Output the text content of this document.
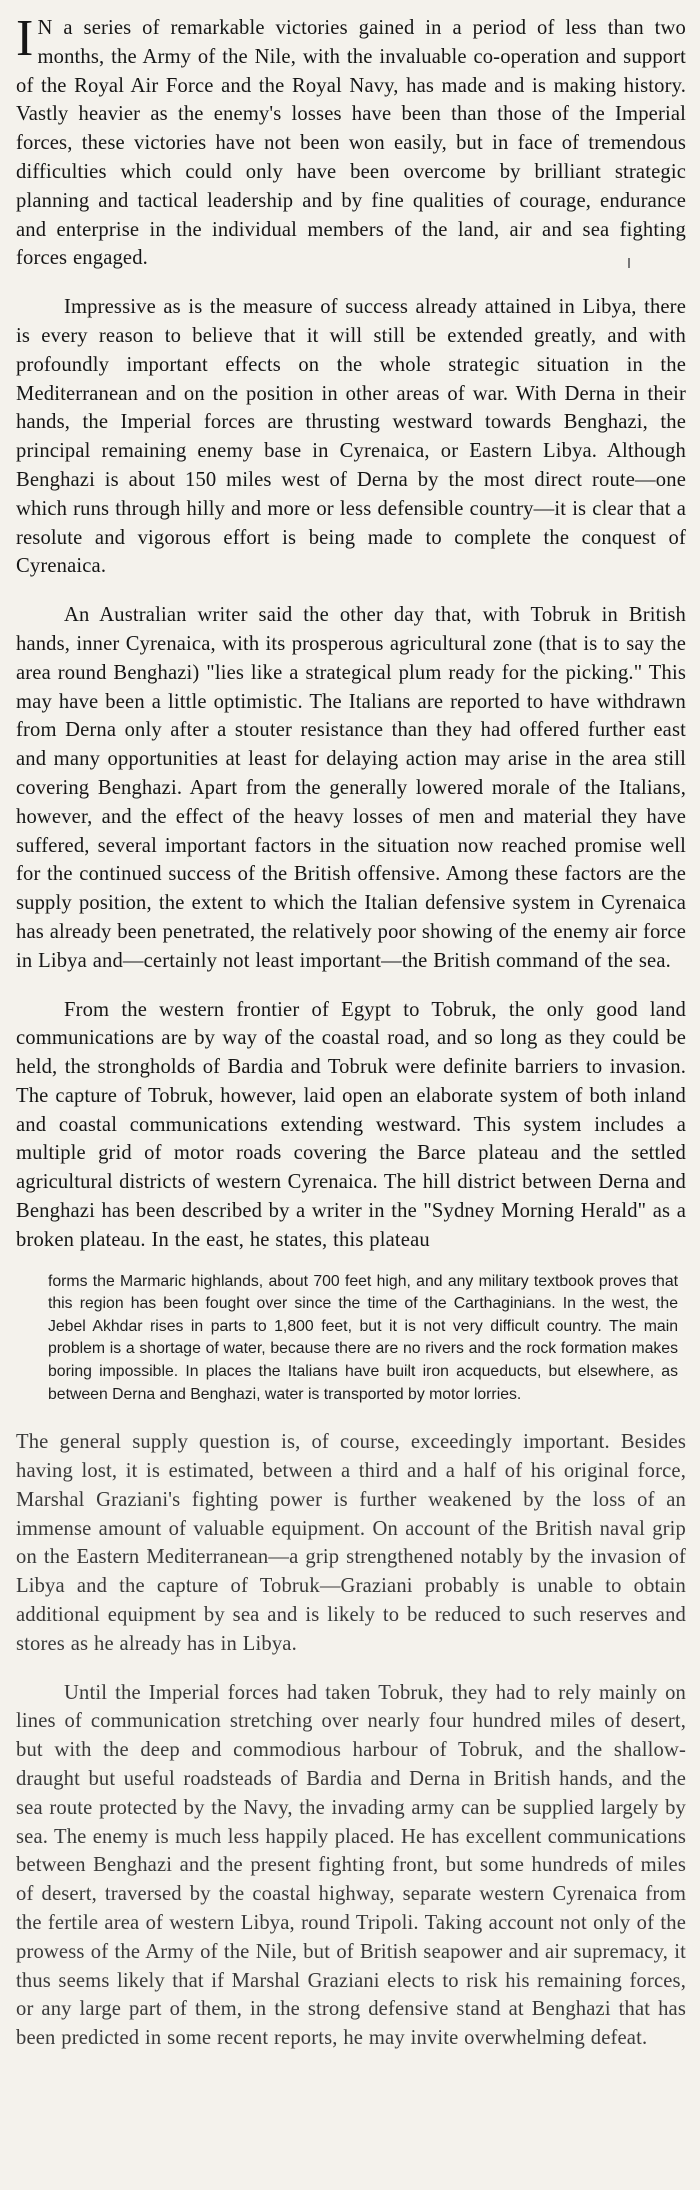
I N a series of remarkable victories gained in a period of less than two months, the Army of the Nile, with the invaluable co-operation and support of the Royal Air Force and the Royal Navy, has made and is making history. Vastly heavier as the enemy's losses have been than those of the Imperial forces, these victories have not been won easily, but in face of tremendous difficulties which could only have been overcome by brilliant strategic planning and tactical leadership and by fine qualities of courage, endurance and enterprise in the individual members of the land, air and sea fighting forces engaged.

Impressive as is the measure of success already attained in Libya, there is every reason to believe that it will still be extended greatly, and with profoundly important effects on the whole strategic situation in the Mediterranean and on the position in other areas of war. With Derna in their hands, the Imperial forces are thrusting westward towards Benghazi, the principal remaining enemy base in Cyrenaica, or Eastern Libya. Although Benghazi is about 150 miles west of Derna by the most direct route—one which runs through hilly and more or less defensible country—it is clear that a resolute and vigorous effort is being made to complete the conquest of Cyrenaica.

An Australian writer said the other day that, with Tobruk in British hands, inner Cyrenaica, with its prosperous agricultural zone (that is to say the area round Benghazi) "lies like a strategical plum ready for the picking." This may have been a little optimistic. The Italians are reported to have withdrawn from Derna only after a stouter resistance than they had offered further east and many opportunities at least for delaying action may arise in the area still covering Benghazi. Apart from the generally lowered morale of the Italians, however, and the effect of the heavy losses of men and material they have suffered, several important factors in the situation now reached promise well for the continued success of the British offensive. Among these factors are the supply position, the extent to which the Italian defensive system in Cyrenaica has already been penetrated, the relatively poor showing of the enemy air force in Libya and—certainly not least important—the British command of the sea.

From the western frontier of Egypt to Tobruk, the only good land communications are by way of the coastal road, and so long as they could be held, the strongholds of Bardia and Tobruk were definite barriers to invasion. The capture of Tobruk, however, laid open an elaborate system of both inland and coastal communications extending westward. This system includes a multiple grid of motor roads covering the Barce plateau and the settled agricultural districts of western Cyrenaica. The hill district between Derna and Benghazi has been described by a writer in the "Sydney Morning Herald" as a broken plateau. In the east, he states, this plateau

forms the Marmaric highlands, about 700 feet high, and any military textbook proves that this region has been fought over since the time of the Carthaginians. In the west, the Jebel Akhdar rises in parts to 1,800 feet, but it is not very difficult country. The main problem is a shortage of water, because there are no rivers and the rock formation makes boring impossible. In places the Italians have built iron acqueducts, but elsewhere, as between Derna and Benghazi, water is transported by motor lorries.

The general supply question is, of course, exceedingly important. Besides having lost, it is estimated, between a third and a half of his original force, Marshal Graziani's fighting power is further weakened by the loss of an immense amount of valuable equipment. On account of the British naval grip on the Eastern Mediterranean—a grip strengthened notably by the invasion of Libya and the capture of Tobruk—Graziani probably is unable to obtain additional equipment by sea and is likely to be reduced to such reserves and stores as he already has in Libya.

Until the Imperial forces had taken Tobruk, they had to rely mainly on lines of communication stretching over nearly four hundred miles of desert, but with the deep and commodious harbour of Tobruk, and the shallow-draught but useful roadsteads of Bardia and Derna in British hands, and the sea route protected by the Navy, the invading army can be supplied largely by sea. The enemy is much less happily placed. He has excellent communications between Benghazi and the present fighting front, but some hundreds of miles of desert, traversed by the coastal highway, separate western Cyrenaica from the fertile area of western Libya, round Tripoli. Taking account not only of the prowess of the Army of the Nile, but of British seapower and air supremacy, it thus seems likely that if Marshal Graziani elects to risk his remaining forces, or any large part of them, in the strong defensive stand at Benghazi that has been predicted in some recent reports, he may invite overwhelming defeat.
